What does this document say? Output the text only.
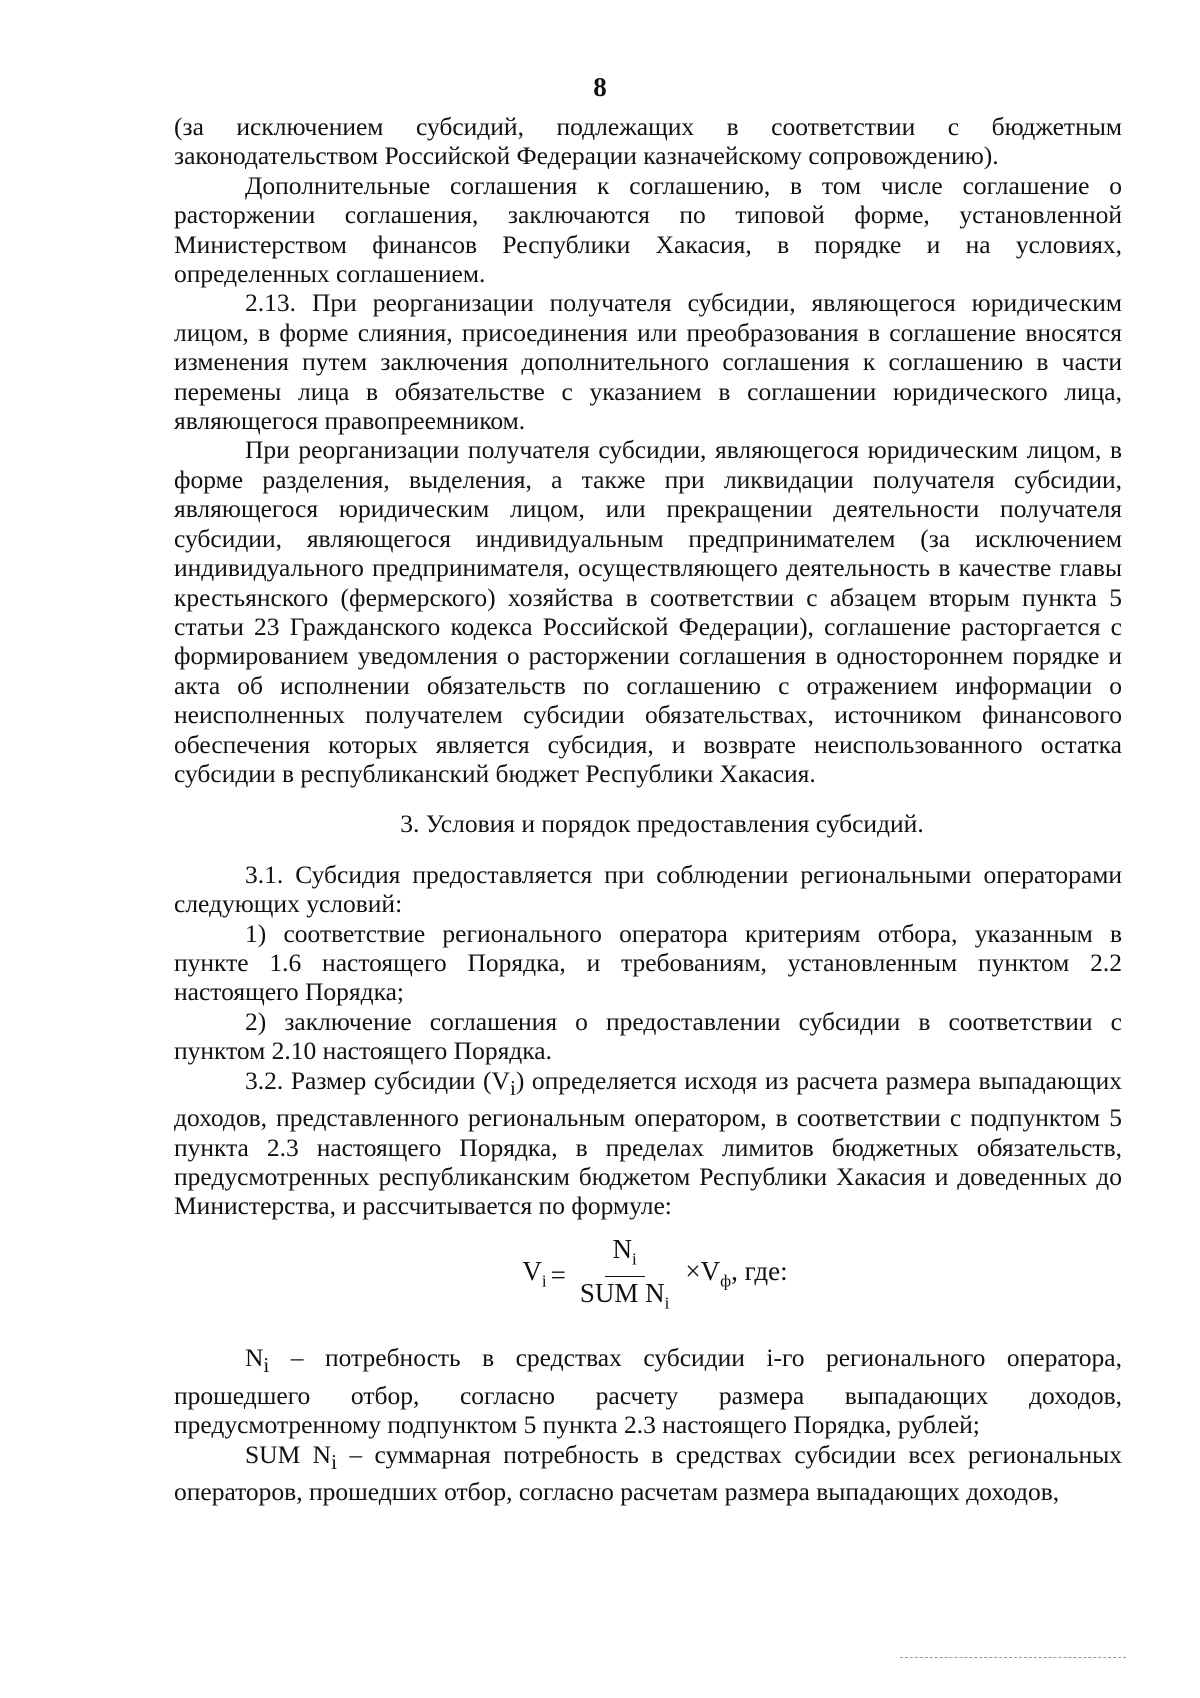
8

(за исключением субсидий, подлежащих в соответствии с бюджетным законодательством Российской Федерации казначейскому сопровождению).

Дополнительные соглашения к соглашению, в том числе соглашение о расторжении соглашения, заключаются по типовой форме, установленной Министерством финансов Республики Хакасия, в порядке и на условиях, определенных соглашением.

2.13. При реорганизации получателя субсидии, являющегося юридическим лицом, в форме слияния, присоединения или преобразования в соглашение вносятся изменения путем заключения дополнительного соглашения к соглашению в части перемены лица в обязательстве с указанием в соглашении юридического лица, являющегося правопреемником.

При реорганизации получателя субсидии, являющегося юридическим лицом, в форме разделения, выделения, а также при ликвидации получателя субсидии, являющегося юридическим лицом, или прекращении деятельности получателя субсидии, являющегося индивидуальным предпринимателем (за исключением индивидуального предпринимателя, осуществляющего деятельность в качестве главы крестьянского (фермерского) хозяйства в соответствии с абзацем вторым пункта 5 статьи 23 Гражданского кодекса Российской Федерации), соглашение расторгается с формированием уведомления о расторжении соглашения в одностороннем порядке и акта об исполнении обязательств по соглашению с отражением информации о неисполненных получателем субсидии обязательствах, источником финансового обеспечения которых является субсидия, и возврате неиспользованного остатка субсидии в республиканский бюджет Республики Хакасия.

3. Условия и порядок предоставления субсидий.

3.1. Субсидия предоставляется при соблюдении региональными операторами следующих условий:

1) соответствие регионального оператора критериям отбора, указанным в пункте 1.6 настоящего Порядка, и требованиям, установленным пунктом 2.2 настоящего Порядка;

2) заключение соглашения о предоставлении субсидии в соответствии с пунктом 2.10 настоящего Порядка.

3.2. Размер субсидии $(V_i)$ определяется исходя из расчета размера выпадающих доходов, представленного региональным оператором, в соответствии с подпунктом 5 пункта 2.3 настоящего Порядка, в пределах лимитов бюджетных обязательств, предусмотренных республиканским бюджетом Республики Хакасия и доведенных до Министерства, и рассчитывается по формуле:

$V_i = \frac{N_i}{SUM N_i} \times V_ф$, где:

$N_i$ – потребность в средствах субсидии i-го регионального оператора, прошедшего отбор, согласно расчету размера выпадающих доходов, предусмотренному подпунктом 5 пункта 2.3 настоящего Порядка, рублей;

SUM $N_i$ – суммарная потребность в средствах субсидии всех региональных операторов, прошедших отбор, согласно расчетам размера выпадающих доходов,
